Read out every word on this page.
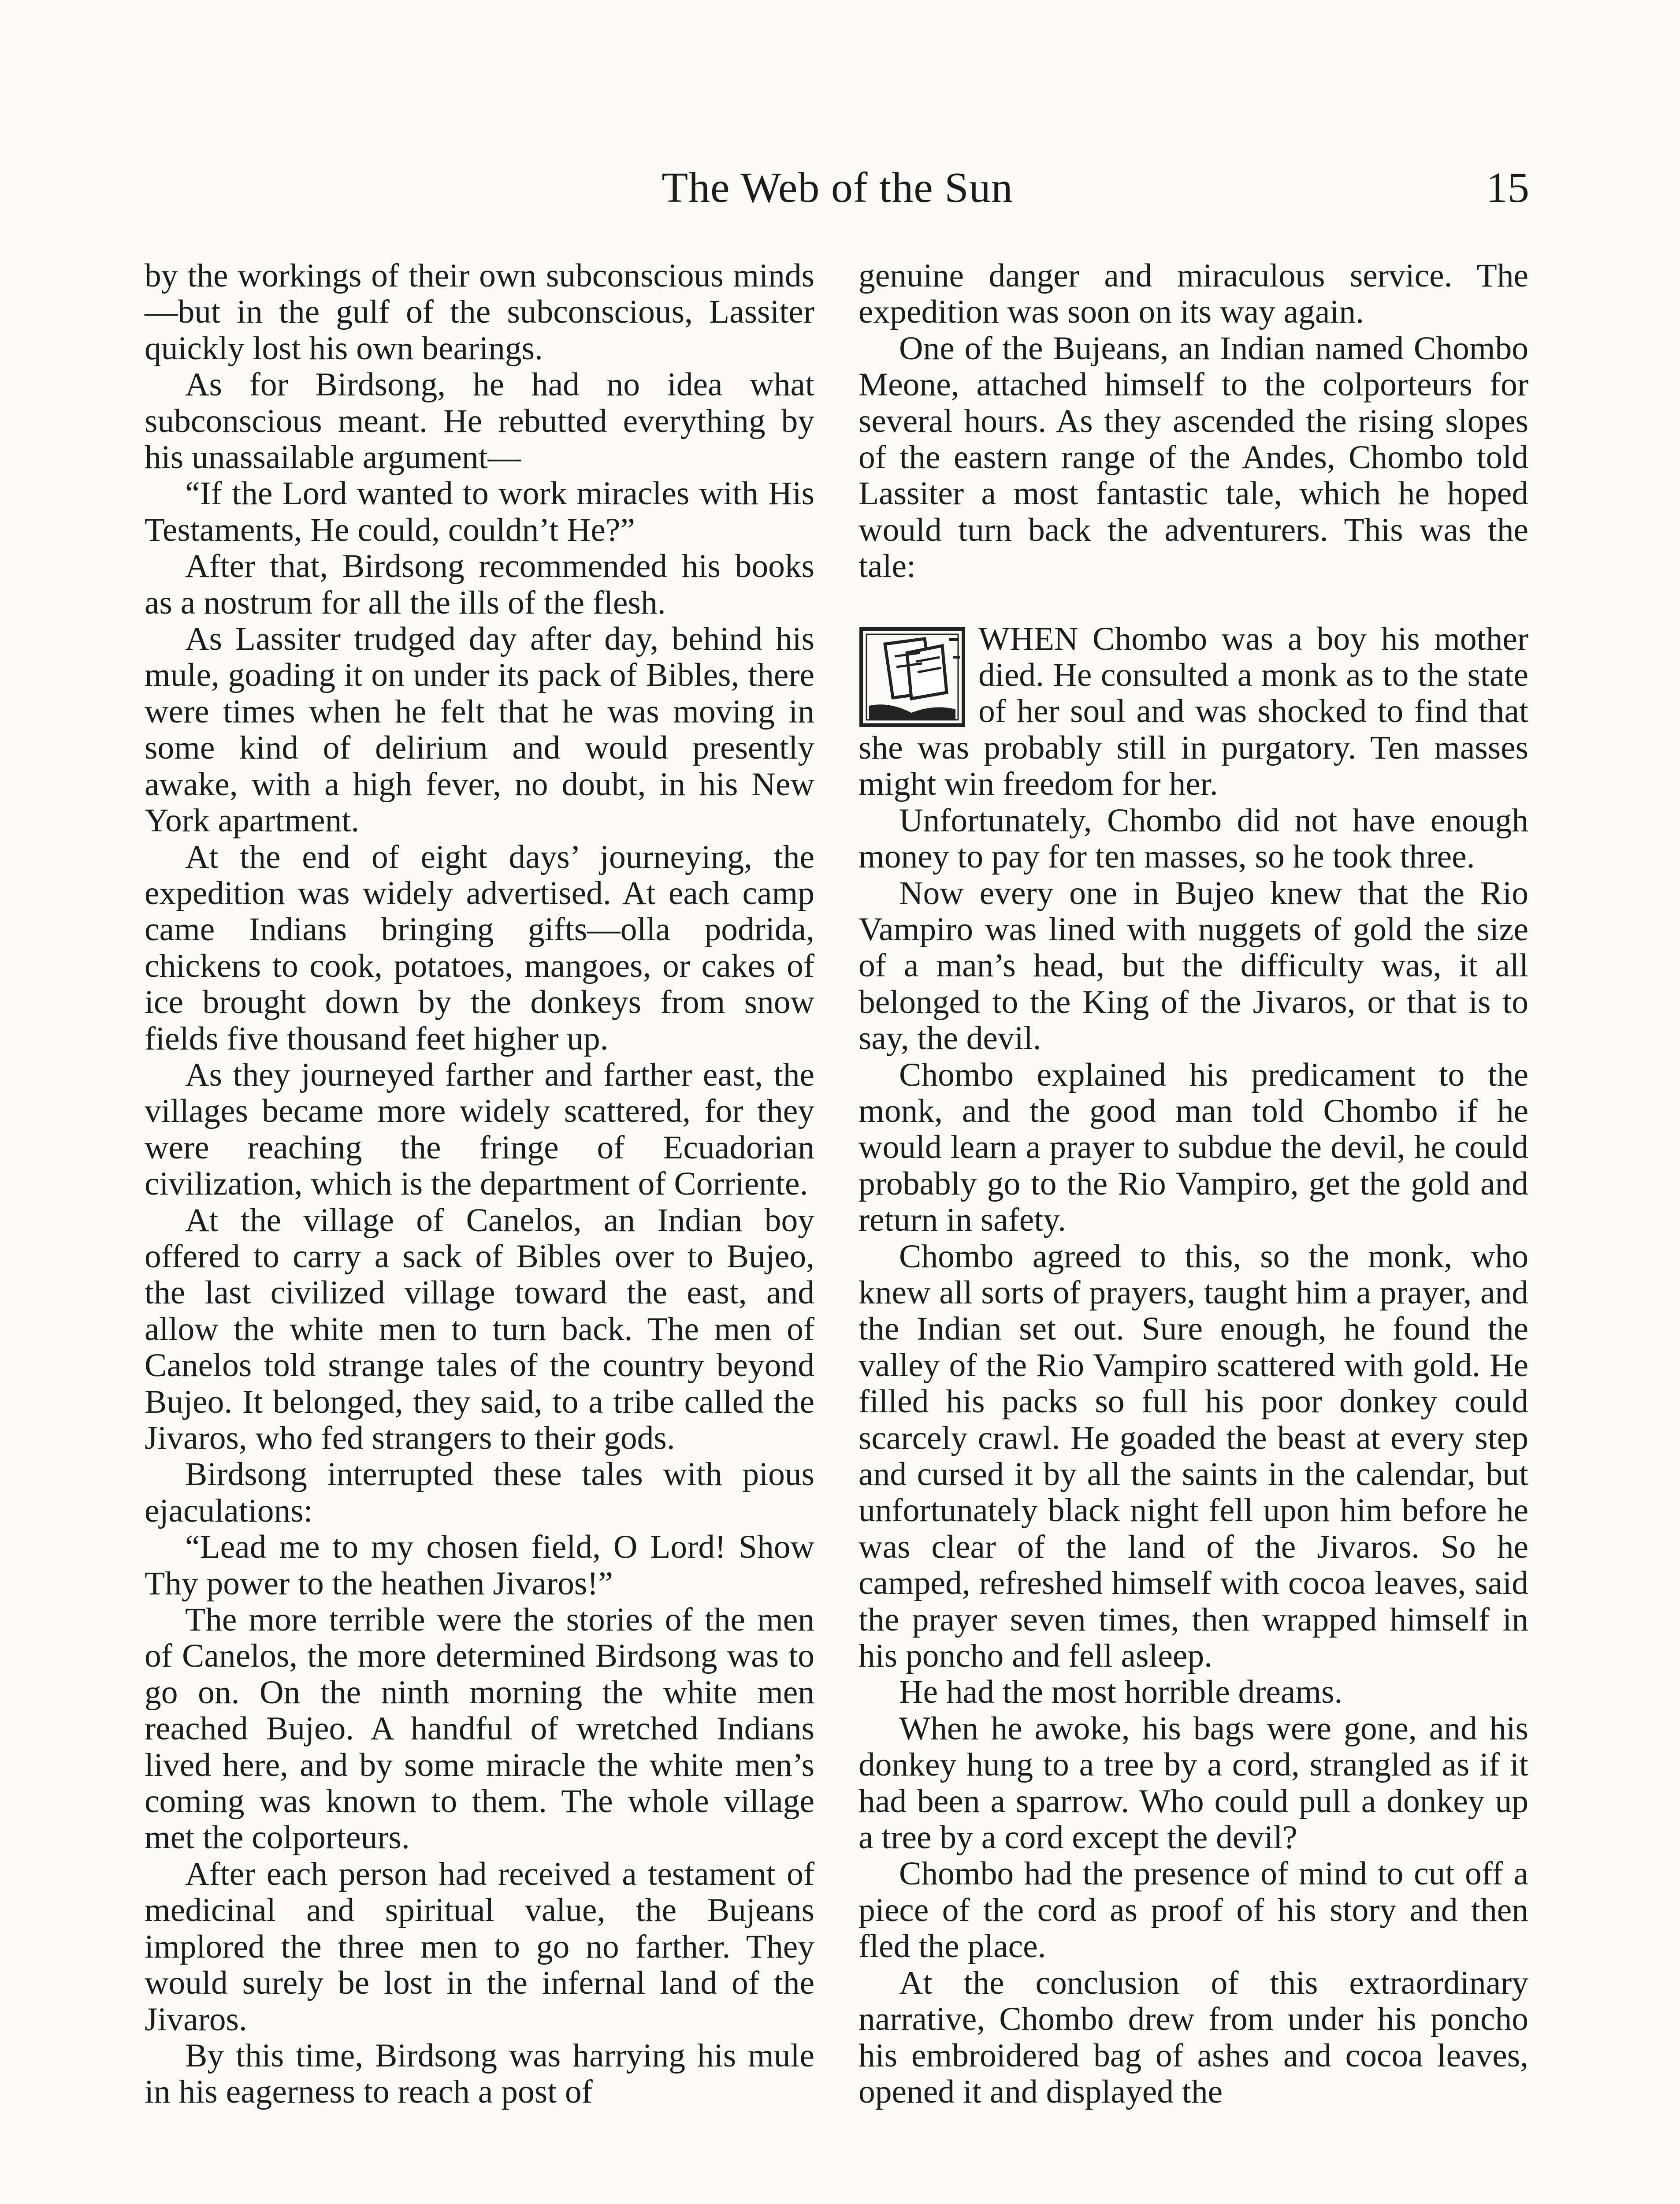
The Web of the Sun	15

by the workings of their own subconscious minds—but in the gulf of the subconscious, Lassiter quickly lost his own bearings.

As for Birdsong, he had no idea what subconscious meant. He rebutted everything by his unassailable argument—

“If the Lord wanted to work miracles with His Testaments, He could, couldn’t He?”

After that, Birdsong recommended his books as a nostrum for all the ills of the flesh.

As Lassiter trudged day after day, behind his mule, goading it on under its pack of Bibles, there were times when he felt that he was moving in some kind of delirium and would presently awake, with a high fever, no doubt, in his New York apartment.

At the end of eight days’ journeying, the expedition was widely advertised. At each camp came Indians bringing gifts—olla podrida, chickens to cook, potatoes, mangoes, or cakes of ice brought down by the donkeys from snow fields five thousand feet higher up.

As they journeyed farther and farther east, the villages became more widely scattered, for they were reaching the fringe of Ecuadorian civilization, which is the department of Corriente.

At the village of Canelos, an Indian boy offered to carry a sack of Bibles over to Bujeo, the last civilized village toward the east, and allow the white men to turn back. The men of Canelos told strange tales of the country beyond Bujeo. It belonged, they said, to a tribe called the Jivaros, who fed strangers to their gods.

Birdsong interrupted these tales with pious ejaculations:

“Lead me to my chosen field, O Lord! Show Thy power to the heathen Jivaros!”

The more terrible were the stories of the men of Canelos, the more determined Birdsong was to go on. On the ninth morning the white men reached Bujeo. A handful of wretched Indians lived here, and by some miracle the white men’s coming was known to them. The whole village met the colporteurs.

After each person had received a testament of medicinal and spiritual value, the Bujeans implored the three men to go no farther. They would surely be lost in the infernal land of the Jivaros.

By this time, Birdsong was harrying his mule in his eagerness to reach a post of

genuine danger and miraculous service. The expedition was soon on its way again.

One of the Bujeans, an Indian named Chombo Meone, attached himself to the colporteurs for several hours. As they ascended the rising slopes of the eastern range of the Andes, Chombo told Lassiter a most fantastic tale, which he hoped would turn back the adventurers. This was the tale:

WHEN Chombo was a boy his mother died. He consulted a monk as to the state of her soul and was shocked to find that she was probably still in purgatory. Ten masses might win freedom for her.

Unfortunately, Chombo did not have enough money to pay for ten masses, so he took three.

Now every one in Bujeo knew that the Rio Vampiro was lined with nuggets of gold the size of a man’s head, but the difficulty was, it all belonged to the King of the Jivaros, or that is to say, the devil.

Chombo explained his predicament to the monk, and the good man told Chombo if he would learn a prayer to subdue the devil, he could probably go to the Rio Vampiro, get the gold and return in safety.

Chombo agreed to this, so the monk, who knew all sorts of prayers, taught him a prayer, and the Indian set out. Sure enough, he found the valley of the Rio Vampiro scattered with gold. He filled his packs so full his poor donkey could scarcely crawl. He goaded the beast at every step and cursed it by all the saints in the calendar, but unfortunately black night fell upon him before he was clear of the land of the Jivaros. So he camped, refreshed himself with cocoa leaves, said the prayer seven times, then wrapped himself in his poncho and fell asleep.

He had the most horrible dreams.

When he awoke, his bags were gone, and his donkey hung to a tree by a cord, strangled as if it had been a sparrow. Who could pull a donkey up a tree by a cord except the devil?

Chombo had the presence of mind to cut off a piece of the cord as proof of his story and then fled the place.

At the conclusion of this extraordinary narrative, Chombo drew from under his poncho his embroidered bag of ashes and cocoa leaves, opened it and displayed the
